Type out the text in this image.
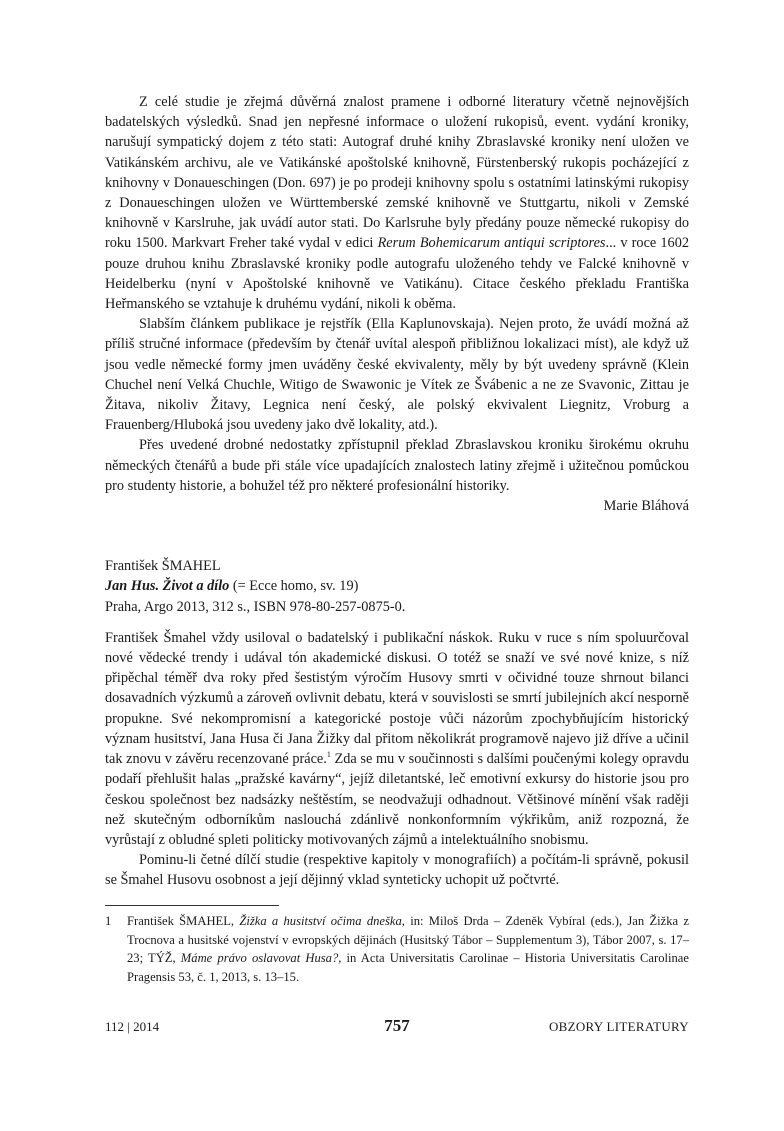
Z celé studie je zřejmá důvěrná znalost pramene i odborné literatury včetně nejnovějších badatelských výsledků. Snad jen nepřesné informace o uložení rukopisů, event. vydání kroniky, narušují sympatický dojem z této stati: Autograf druhé knihy Zbraslavské kroniky není uložen ve Vatikánském archivu, ale ve Vatikánské apoštolské knihovně, Fürstenberský rukopis pocházející z knihovny v Donaueschingen (Don. 697) je po prodeji knihovny spolu s ostatními latinskými rukopisy z Donaueschingen uložen ve Württemberské zemské knihovně ve Stuttgartu, nikoli v Zemské knihovně v Karslruhe, jak uvádí autor stati. Do Karlsruhe byly předány pouze německé rukopisy do roku 1500. Markvart Freher také vydal v edici Rerum Bohemicarum antiqui scriptores... v roce 1602 pouze druhou knihu Zbraslavské kroniky podle autografu uloženého tehdy ve Falcké knihovně v Heidelberku (nyní v Apoštolské knihovně ve Vatikánu). Citace českého překladu Františka Heřmanského se vztahuje k druhému vydání, nikoli k oběma.

Slabším článkem publikace je rejstřík (Ella Kaplunovskaja). Nejen proto, že uvádí možná až příliš stručné informace (především by čtenář uvítal alespoň přibližnou lokalizaci míst), ale když už jsou vedle německé formy jmen uváděny české ekvivalenty, měly by být uvedeny správně (Klein Chuchel není Velká Chuchle, Witigo de Swawonic je Vítek ze Švábenic a ne ze Svavonic, Zittau je Žitava, nikoliv Žitavy, Legnica není český, ale polský ekvivalent Liegnitz, Vroburg a Frauenberg/Hluboká jsou uvedeny jako dvě lokality, atd.).

Přes uvedené drobné nedostatky zpřístupnil překlad Zbraslavskou kroniku širokému okruhu německých čtenářů a bude při stále více upadajících znalostech latiny zřejmě i užitečnou pomůckou pro studenty historie, a bohužel též pro některé profesionální historiky.

Marie Bláhová
František ŠMAHEL
Jan Hus. Život a dílo (= Ecce homo, sv. 19)
Praha, Argo 2013, 312 s., ISBN 978-80-257-0875-0.

František Šmahel vždy usiloval o badatelský i publikační náskok. Ruku v ruce s ním spoluurčoval nové vědecké trendy i udával tón akademické diskusi. O totéž se snaží ve své nové knize, s níž připěchal téměř dva roky před šestistým výročím Husovy smrti v očividné touze shrnout bilanci dosavadních výzkumů a zároveň ovlivnit debatu, která v souvislosti se smrtí jubilejních akcí nesporně propukne. Své nekompromisní a kategorické postoje vůči názorům zpochybňujícím historický význam husitství, Jana Husa či Jana Žižky dal přitom několikrát programově najevo již dříve a učinil tak znovu v závěru recenzované práce.$^1$ Zda se mu v součinnosti s dalšími poučenými kolegy opravdu podaří přehlušit halas „pražské kavárny“, jejíž diletantské, leč emotivní exkursy do historie jsou pro českou společnost bez nadsázky neštěstím, se neodvažuji odhadnout. Většinové mínění však raději než skutečným odborníkům naslouchá zdánlivě nonkonformním výkřikům, aniž rozpozná, že vyrůstají z obludné spleti politicky motivovaných zájmů a intelektuálního snobismu.

Pominu-li četné dílčí studie (respektive kapitoly v monografiích) a počítám-li správně, pokusil se Šmahel Husovu osobnost a její dějinný vklad synteticky uchopit už počtvrté.

1	František ŠMAHEL, Žižka a husitství očima dneška, in: Miloš Drda – Zdeněk Vybíral (eds.), Jan Žižka z Trocnova a husitské vojenství v evropských dějinách (Husitský Tábor – Supplementum 3), Tábor 2007, s. 17–23; TÝŽ, Máme právo oslavovat Husa?, in Acta Universitatis Carolinae – Historia Universitatis Carolinae Pragensis 53, č. 1, 2013, s. 13–15.
112 | 2014	757	OBZORY LITERATURY
